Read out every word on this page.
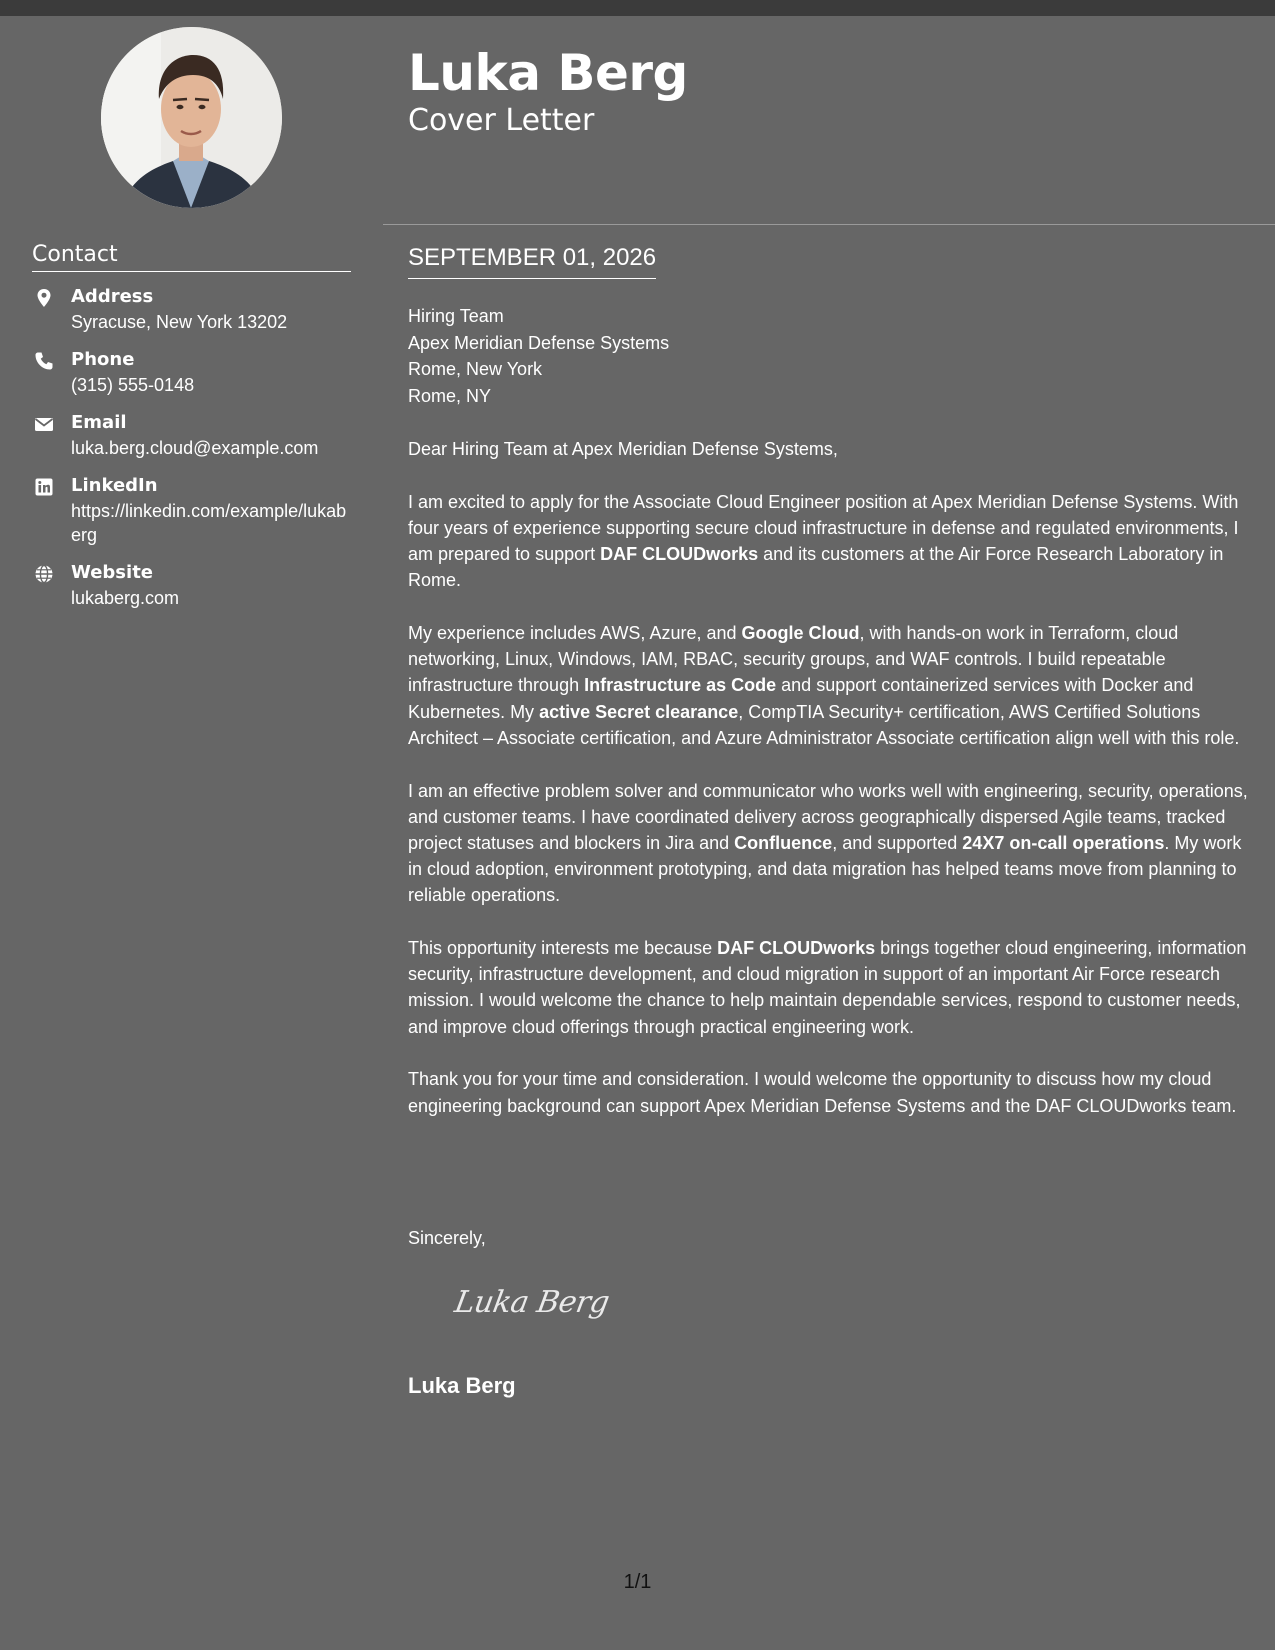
Contact
Address
Syracuse, New York 13202
Phone
(315) 555-0148
Email
luka.berg.cloud@example.com
LinkedIn
https://linkedin.com/example/lukaberg
Website
lukaberg.com
Luka Berg
Cover Letter
SEPTEMBER 01, 2026
Hiring Team
Apex Meridian Defense Systems
Rome, New York
Rome, NY

Dear Hiring Team at Apex Meridian Defense Systems,

I am excited to apply for the Associate Cloud Engineer position at Apex Meridian Defense Systems. With four years of experience supporting secure cloud infrastructure in defense and regulated environments, I am prepared to support DAF CLOUDworks and its customers at the Air Force Research Laboratory in Rome.

My experience includes AWS, Azure, and Google Cloud, with hands-on work in Terraform, cloud networking, Linux, Windows, IAM, RBAC, security groups, and WAF controls. I build repeatable infrastructure through Infrastructure as Code and support containerized services with Docker and Kubernetes. My active Secret clearance, CompTIA Security+ certification, AWS Certified Solutions Architect – Associate certification, and Azure Administrator Associate certification align well with this role.

I am an effective problem solver and communicator who works well with engineering, security, operations, and customer teams. I have coordinated delivery across geographically dispersed Agile teams, tracked project statuses and blockers in Jira and Confluence, and supported 24X7 on-call operations. My work in cloud adoption, environment prototyping, and data migration has helped teams move from planning to reliable operations.

This opportunity interests me because DAF CLOUDworks brings together cloud engineering, information security, infrastructure development, and cloud migration in support of an important Air Force research mission. I would welcome the chance to help maintain dependable services, respond to customer needs, and improve cloud offerings through practical engineering work.

Thank you for your time and consideration. I would welcome the opportunity to discuss how my cloud engineering background can support Apex Meridian Defense Systems and the DAF CLOUDworks team.

Sincerely,
Luka Berg
Luka Berg
1/1
